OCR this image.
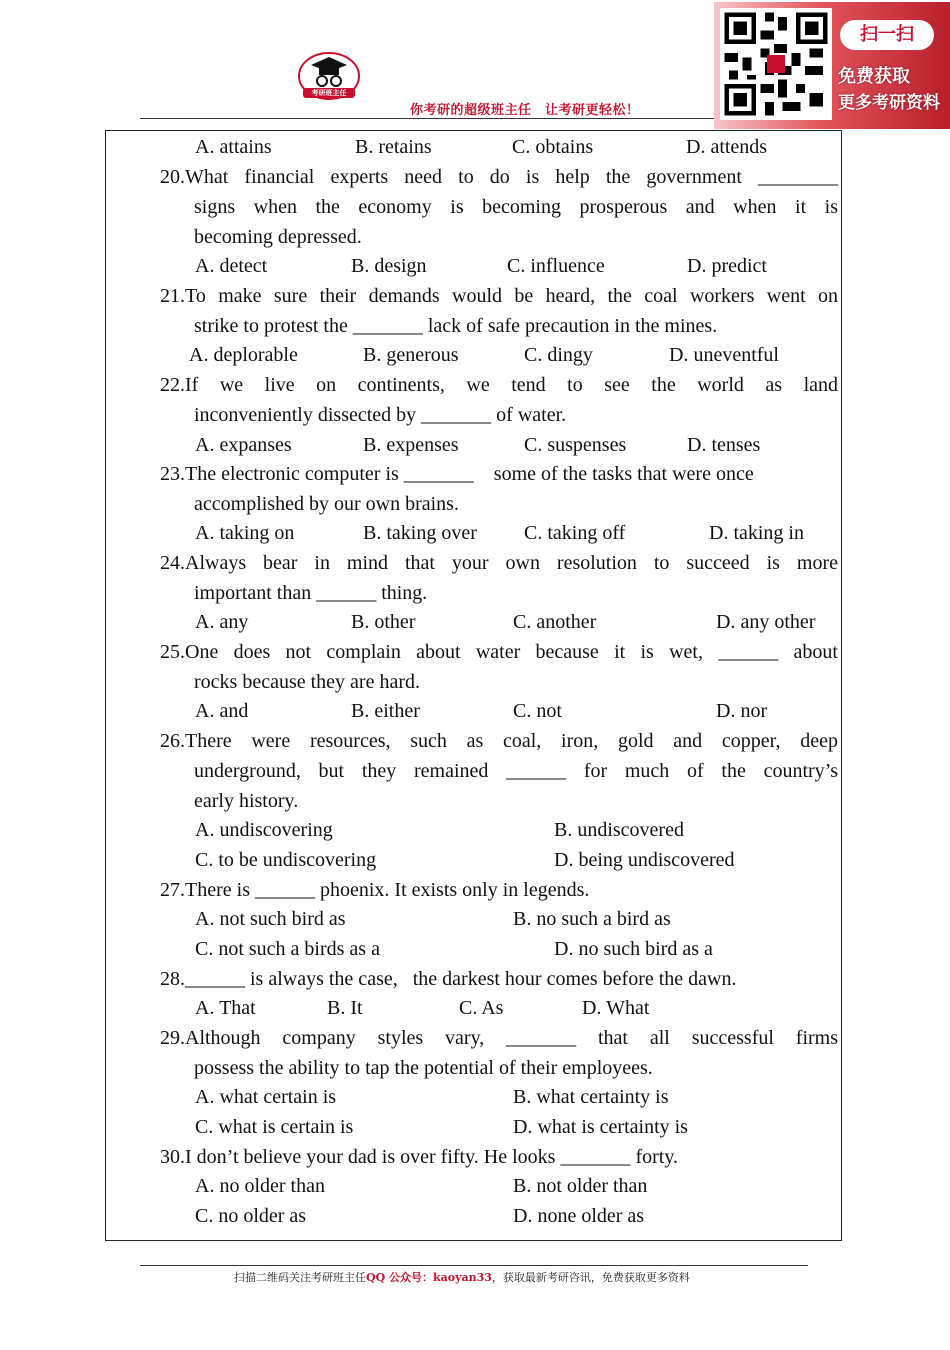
考研班主任
你考研的超级班主任　让考研更轻松！
扫一扫
免费获取
更多考研资料
A. attains	B. retains	C. obtains	D. attends
20.What financial experts need to do is help the government ________
signs when the economy is becoming prosperous and when it is
becoming depressed.
A. detect	B. design	C. influence	D. predict
21.To make sure their demands would be heard, the coal workers went on
strike to protest the _______ lack of safe precaution in the mines.
A. deplorable	B. generous	C. dingy	D. uneventful
22.If we live on continents, we tend to see the world as land
inconveniently dissected by _______ of water.
A. expanses	B. expenses	C. suspenses	D. tenses
23.The electronic computer is _______    some of the tasks that were once
accomplished by our own brains.
A. taking on	B. taking over C. taking off	D. taking in
24.Always bear in mind that your own resolution to succeed is more
important than ______ thing.
A. any	B. other	C. another	D. any other
25.One does not complain about water because it is wet, ______ about
rocks because they are hard.
A. and	B. either	C. not	D. nor
26.There were resources, such as coal, iron, gold and copper, deep
underground, but they remained ______ for much of the country’s
early history.
A. undiscovering	B. undiscovered
C. to be undiscovering	D. being undiscovered
27.There is ______ phoenix. It exists only in legends.
A. not such bird as	B. no such a bird as
C. not such a birds as a	D. no such bird as a
28.______ is always the case,   the darkest hour comes before the dawn.
A. That	B. It	C. As	D. What
29.Although company styles vary, _______ that all successful firms
possess the ability to tap the potential of their employees.
A. what certain is	B. what certainty is
C. what is certain is	D. what is certainty is
30.I don’t believe your dad is over fifty. He looks _______ forty.
A. no older than	B. not older than
C. no older as	D. none older as
扫描二维码关注考研班主任QQ 公众号：kaoyan33，获取最新考研咨讯，免费获取更多资料
